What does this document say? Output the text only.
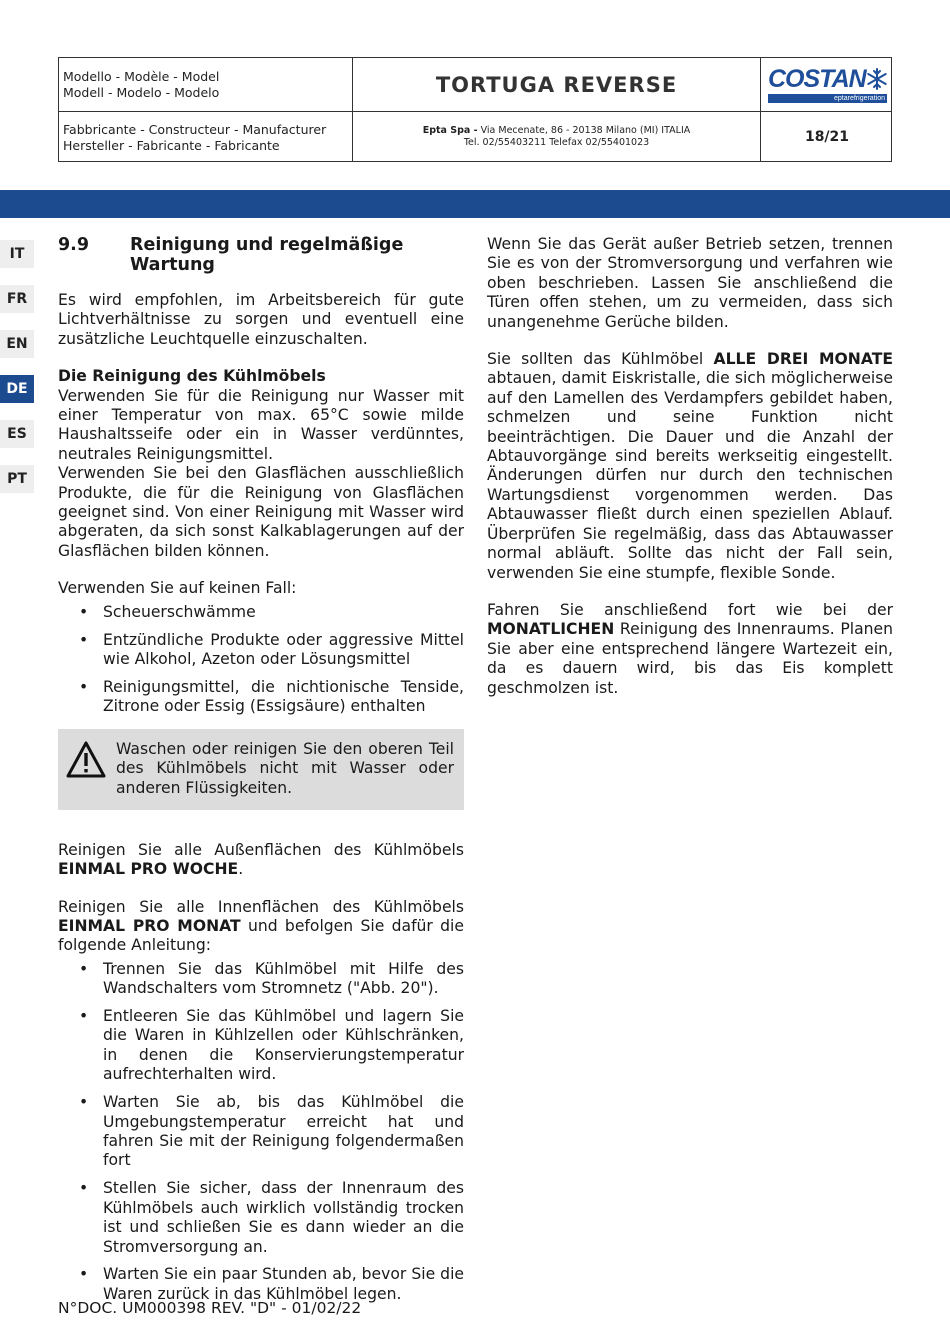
Modello - Modèle - Model
Modell - Modelo - Modelo	TORTUGA REVERSE	COSTAN
eptarefrigeration
Fabbricante - Constructeur - Manufacturer
Hersteller - Fabricante - Fabricante
Epta Spa - Via Mecenate, 86 - 20138 Milano (MI) ITALIA
Tel. 02/55403211 Telefax 02/55401023	18/21
IT
FR
EN
DE
ES
PT
9.9	Reinigung und regelmäßige Wartung

Es wird empfohlen, im Arbeitsbereich für gute Lichtverhältnisse zu sorgen und eventuell eine zusätzliche Leuchtquelle einzuschalten.

Die Reinigung des Kühlmöbels

Verwenden Sie für die Reinigung nur Wasser mit einer Temperatur von max. 65°C sowie milde Haushaltsseife oder ein in Wasser verdünntes, neutrales Reinigungsmittel.

Verwenden Sie bei den Glasflächen ausschließlich Produkte, die für die Reinigung von Glasflächen geeignet sind. Von einer Reinigung mit Wasser wird abgeraten, da sich sonst Kalkablagerungen auf der Glasflächen bilden können.

Verwenden Sie auf keinen Fall:

• Scheuerschwämme
• Entzündliche Produkte oder aggressive Mittel wie Alkohol, Azeton oder Lösungsmittel
• Reinigungsmittel, die nichtionische Tenside, Zitrone oder Essig (Essigsäure) enthalten

Waschen oder reinigen Sie den oberen Teil des Kühlmöbels nicht mit Wasser oder anderen Flüssigkeiten.

Reinigen Sie alle Außenflächen des Kühlmöbels EINMAL PRO WOCHE.

Reinigen Sie alle Innenflächen des Kühlmöbels EINMAL PRO MONAT und befolgen Sie dafür die folgende Anleitung:

• Trennen Sie das Kühlmöbel mit Hilfe des Wandschalters vom Stromnetz ("Abb. 20").
• Entleeren Sie das Kühlmöbel und lagern Sie die Waren in Kühlzellen oder Kühlschränken, in denen die Konservierungstemperatur aufrechterhalten wird.
• Warten Sie ab, bis das Kühlmöbel die Umgebungstemperatur erreicht hat und fahren Sie mit der Reinigung folgendermaßen fort
• Stellen Sie sicher, dass der Innenraum des Kühlmöbels auch wirklich vollständig trocken ist und schließen Sie es dann wieder an die Stromversorgung an.
• Warten Sie ein paar Stunden ab, bevor Sie die Waren zurück in das Kühlmöbel legen.

Wenn Sie das Gerät außer Betrieb setzen, trennen Sie es von der Stromversorgung und verfahren wie oben beschrieben. Lassen Sie anschließend die Türen offen stehen, um zu vermeiden, dass sich unangenehme Gerüche bilden.

Sie sollten das Kühlmöbel ALLE DREI MONATE abtauen, damit Eiskristalle, die sich möglicherweise auf den Lamellen des Verdampfers gebildet haben, schmelzen und seine Funktion nicht beeinträchtigen. Die Dauer und die Anzahl der Abtauvorgänge sind bereits werkseitig eingestellt. Änderungen dürfen nur durch den technischen Wartungsdienst vorgenommen werden. Das Abtauwasser fließt durch einen speziellen Ablauf. Überprüfen Sie regelmäßig, dass das Abtauwasser normal abläuft. Sollte das nicht der Fall sein, verwenden Sie eine stumpfe, flexible Sonde.

Fahren Sie anschließend fort wie bei der MONATLICHEN Reinigung des Innenraums. Planen Sie aber eine entsprechend längere Wartezeit ein, da es dauern wird, bis das Eis komplett geschmolzen ist.

N°DOC. UM000398 REV. "D" - 01/02/22
